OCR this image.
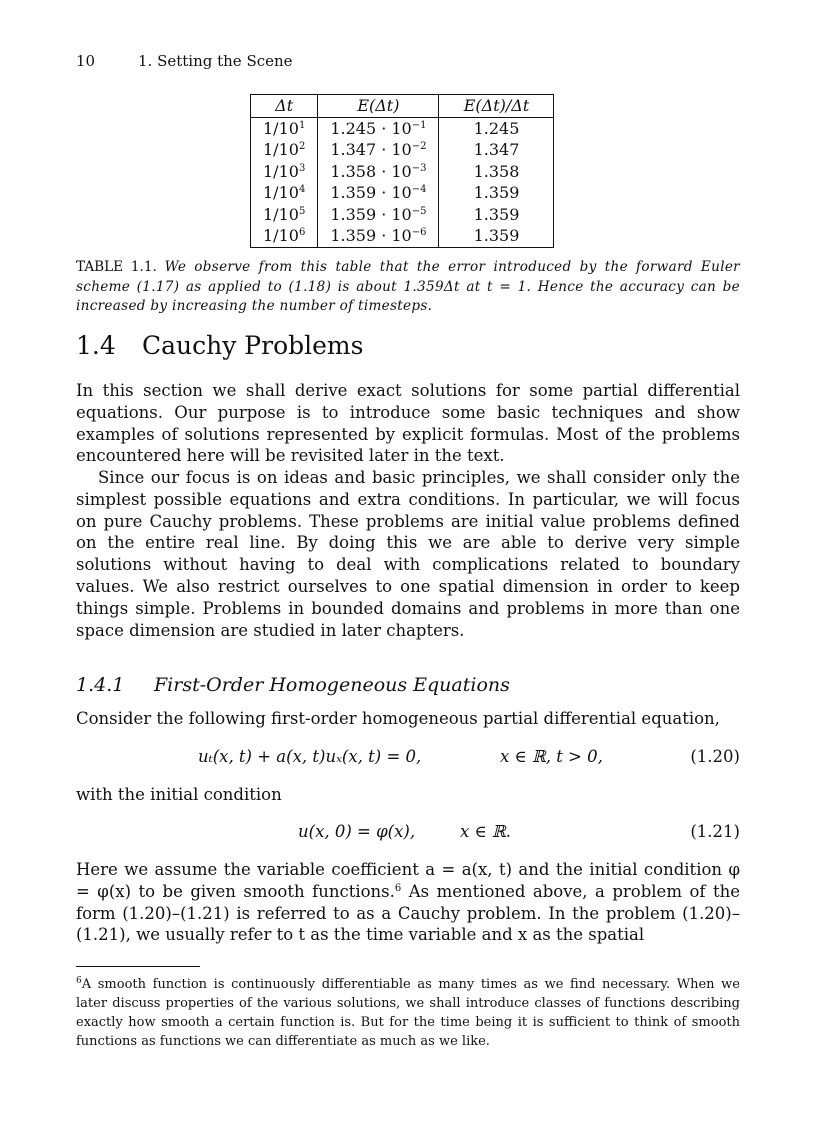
10	1. Setting the Scene
Δt	E(Δt)	E(Δt)/Δt
$1/10^1$	$1.245 \cdot 10^{-1}$	1.245
$1/10^2$	$1.347 \cdot 10^{-2}$	1.347
$1/10^3$	$1.358 \cdot 10^{-3}$	1.358
$1/10^4$	$1.359 \cdot 10^{-4}$	1.359
$1/10^5$	$1.359 \cdot 10^{-5}$	1.359
$1/10^6$	$1.359 \cdot 10^{-6}$	1.359
TABLE 1.1. We observe from this table that the error introduced by the forward Euler scheme (1.17) as applied to (1.18) is about 1.359Δt at t = 1. Hence the accuracy can be increased by increasing the number of timesteps.
1.4 Cauchy Problems
In this section we shall derive exact solutions for some partial differential equations. Our purpose is to introduce some basic techniques and show examples of solutions represented by explicit formulas. Most of the problems encountered here will be revisited later in the text.
Since our focus is on ideas and basic principles, we shall consider only the simplest possible equations and extra conditions. In particular, we will focus on pure Cauchy problems. These problems are initial value problems defined on the entire real line. By doing this we are able to derive very simple solutions without having to deal with complications related to boundary values. We also restrict ourselves to one spatial dimension in order to keep things simple. Problems in bounded domains and problems in more than one space dimension are studied in later chapters.
1.4.1 First-Order Homogeneous Equations
Consider the following first-order homogeneous partial differential equation,
uₜ(x, t) + a(x, t)uₓ(x, t) = 0,	x ∈ ℝ, t > 0,	(1.20)
with the initial condition
u(x, 0) = φ(x),	x ∈ ℝ.	(1.21)
Here we assume the variable coefficient a = a(x, t) and the initial condition φ = φ(x) to be given smooth functions.$^6$ As mentioned above, a problem of the form (1.20)–(1.21) is referred to as a Cauchy problem. In the problem (1.20)–(1.21), we usually refer to t as the time variable and x as the spatial
$^6$A smooth function is continuously differentiable as many times as we find necessary. When we later discuss properties of the various solutions, we shall introduce classes of functions describing exactly how smooth a certain function is. But for the time being it is sufficient to think of smooth functions as functions we can differentiate as much as we like.
